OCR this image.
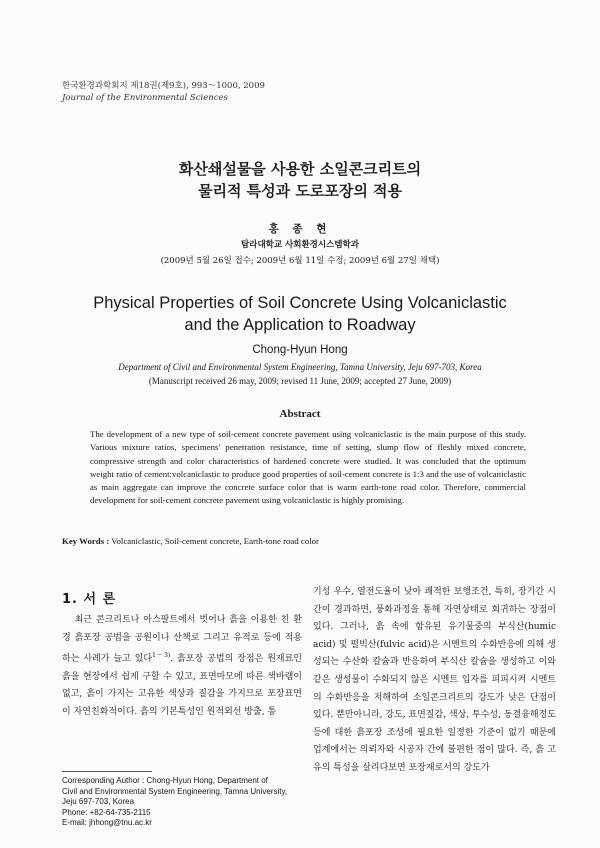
한국환경과학회지 제18권(제9호), 993～1000, 2009
Journal of the Environmental Sciences
화산쇄설물을 사용한 소일콘크리트의
물리적 특성과 도로포장의 적용
홍 종 현
탐라대학교 사회환경시스템학과
(2009년 5월 26일 접수; 2009년 6월 11일 수정; 2009년 6월 27일 채택)
Physical Properties of Soil Concrete Using Volcaniclastic
and the Application to Roadway
Chong-Hyun Hong
Department of Civil and Environmental System Engineering, Tamna University, Jeju 697-703, Korea
(Manuscript received 26 may, 2009; revised 11 June, 2009; accepted 27 June, 2009)
Abstract
The development of a new type of soil-cement concrete pavement using volcaniclastic is the main purpose of this study. Various mixture ratios, specimens' penetration resistance, time of setting, slump flow of fleshly mixed concrete, compressive strength and color characteristics of hardened concrete were studied. It was concluded that the optimum weight ratio of cement:volcaniclastic to produce good properties of soil-cement concrete is 1:3 and the use of volcaniclastic as main aggregate can improve the concrete surface color that is warm earth-tone road color. Therefore, commercial development for soil-cement concrete pavement using volcaniclastic is highly promising.
Key Words : Volcaniclastic, Soil-cement concrete, Earth-tone road color
1. 서 론

최근 콘크리트나 아스팔트에서 벗어나 흙을 이용한 친 환경 흙포장 공법을 공원이나 산책로 그리고 유적로 등에 적용하는 사례가 늘고 있다$^{1\sim 3)}$. 흙포장 공법의 장점은 원재료인 흙을 현장에서 쉽게 구할 수 있고, 표면마모에 따른 색바램이 없고, 흙이 가지는 고유한 색상과 질감을 가지므로 포장표면이 자연친화적이다. 흙의 기본특성인 원적외선 방출, 통

기성 우수, 열전도율이 낮아 쾌적한 보행조건, 특히, 장기간 시간이 경과하면, 풍화과정을 통해 자연상태로 회귀하는 장점이 있다. 그러나, 흙 속에 함유된 유기물중의 부식산(humic acid) 및 펄빅산(fulvic acid)은 시멘트의 수화반응에 의해 생성되는 수산화 칼슘과 반응하여 부식산 칼슘을 생성하고 이와 같은 생성물이 수화되지 않은 시멘트 입자를 피피시켜 시멘트의 수화반응을 저해하여 소일콘크리트의 강도가 낮은 단점이 있다. 뿐만아니라, 강도, 표면질감, 색상, 투수성, 동결융해정도 등에 대한 흙포장 조성에 필요한 일정한 기준이 없기 때문에 업계에서는 의뢰자와 시공자 간에 불편한 점이 많다. 즉, 흙 고유의 특성을 살리다보면 포장재로서의 강도가
Corresponding Author : Chong-Hyun Hong, Department of
Civil and Environmental System Engineering, Tamna University,
Jeju 697-703, Korea
Phone: +82-64-735-2115
E-mail: jhhong@tnu.ac.kr
